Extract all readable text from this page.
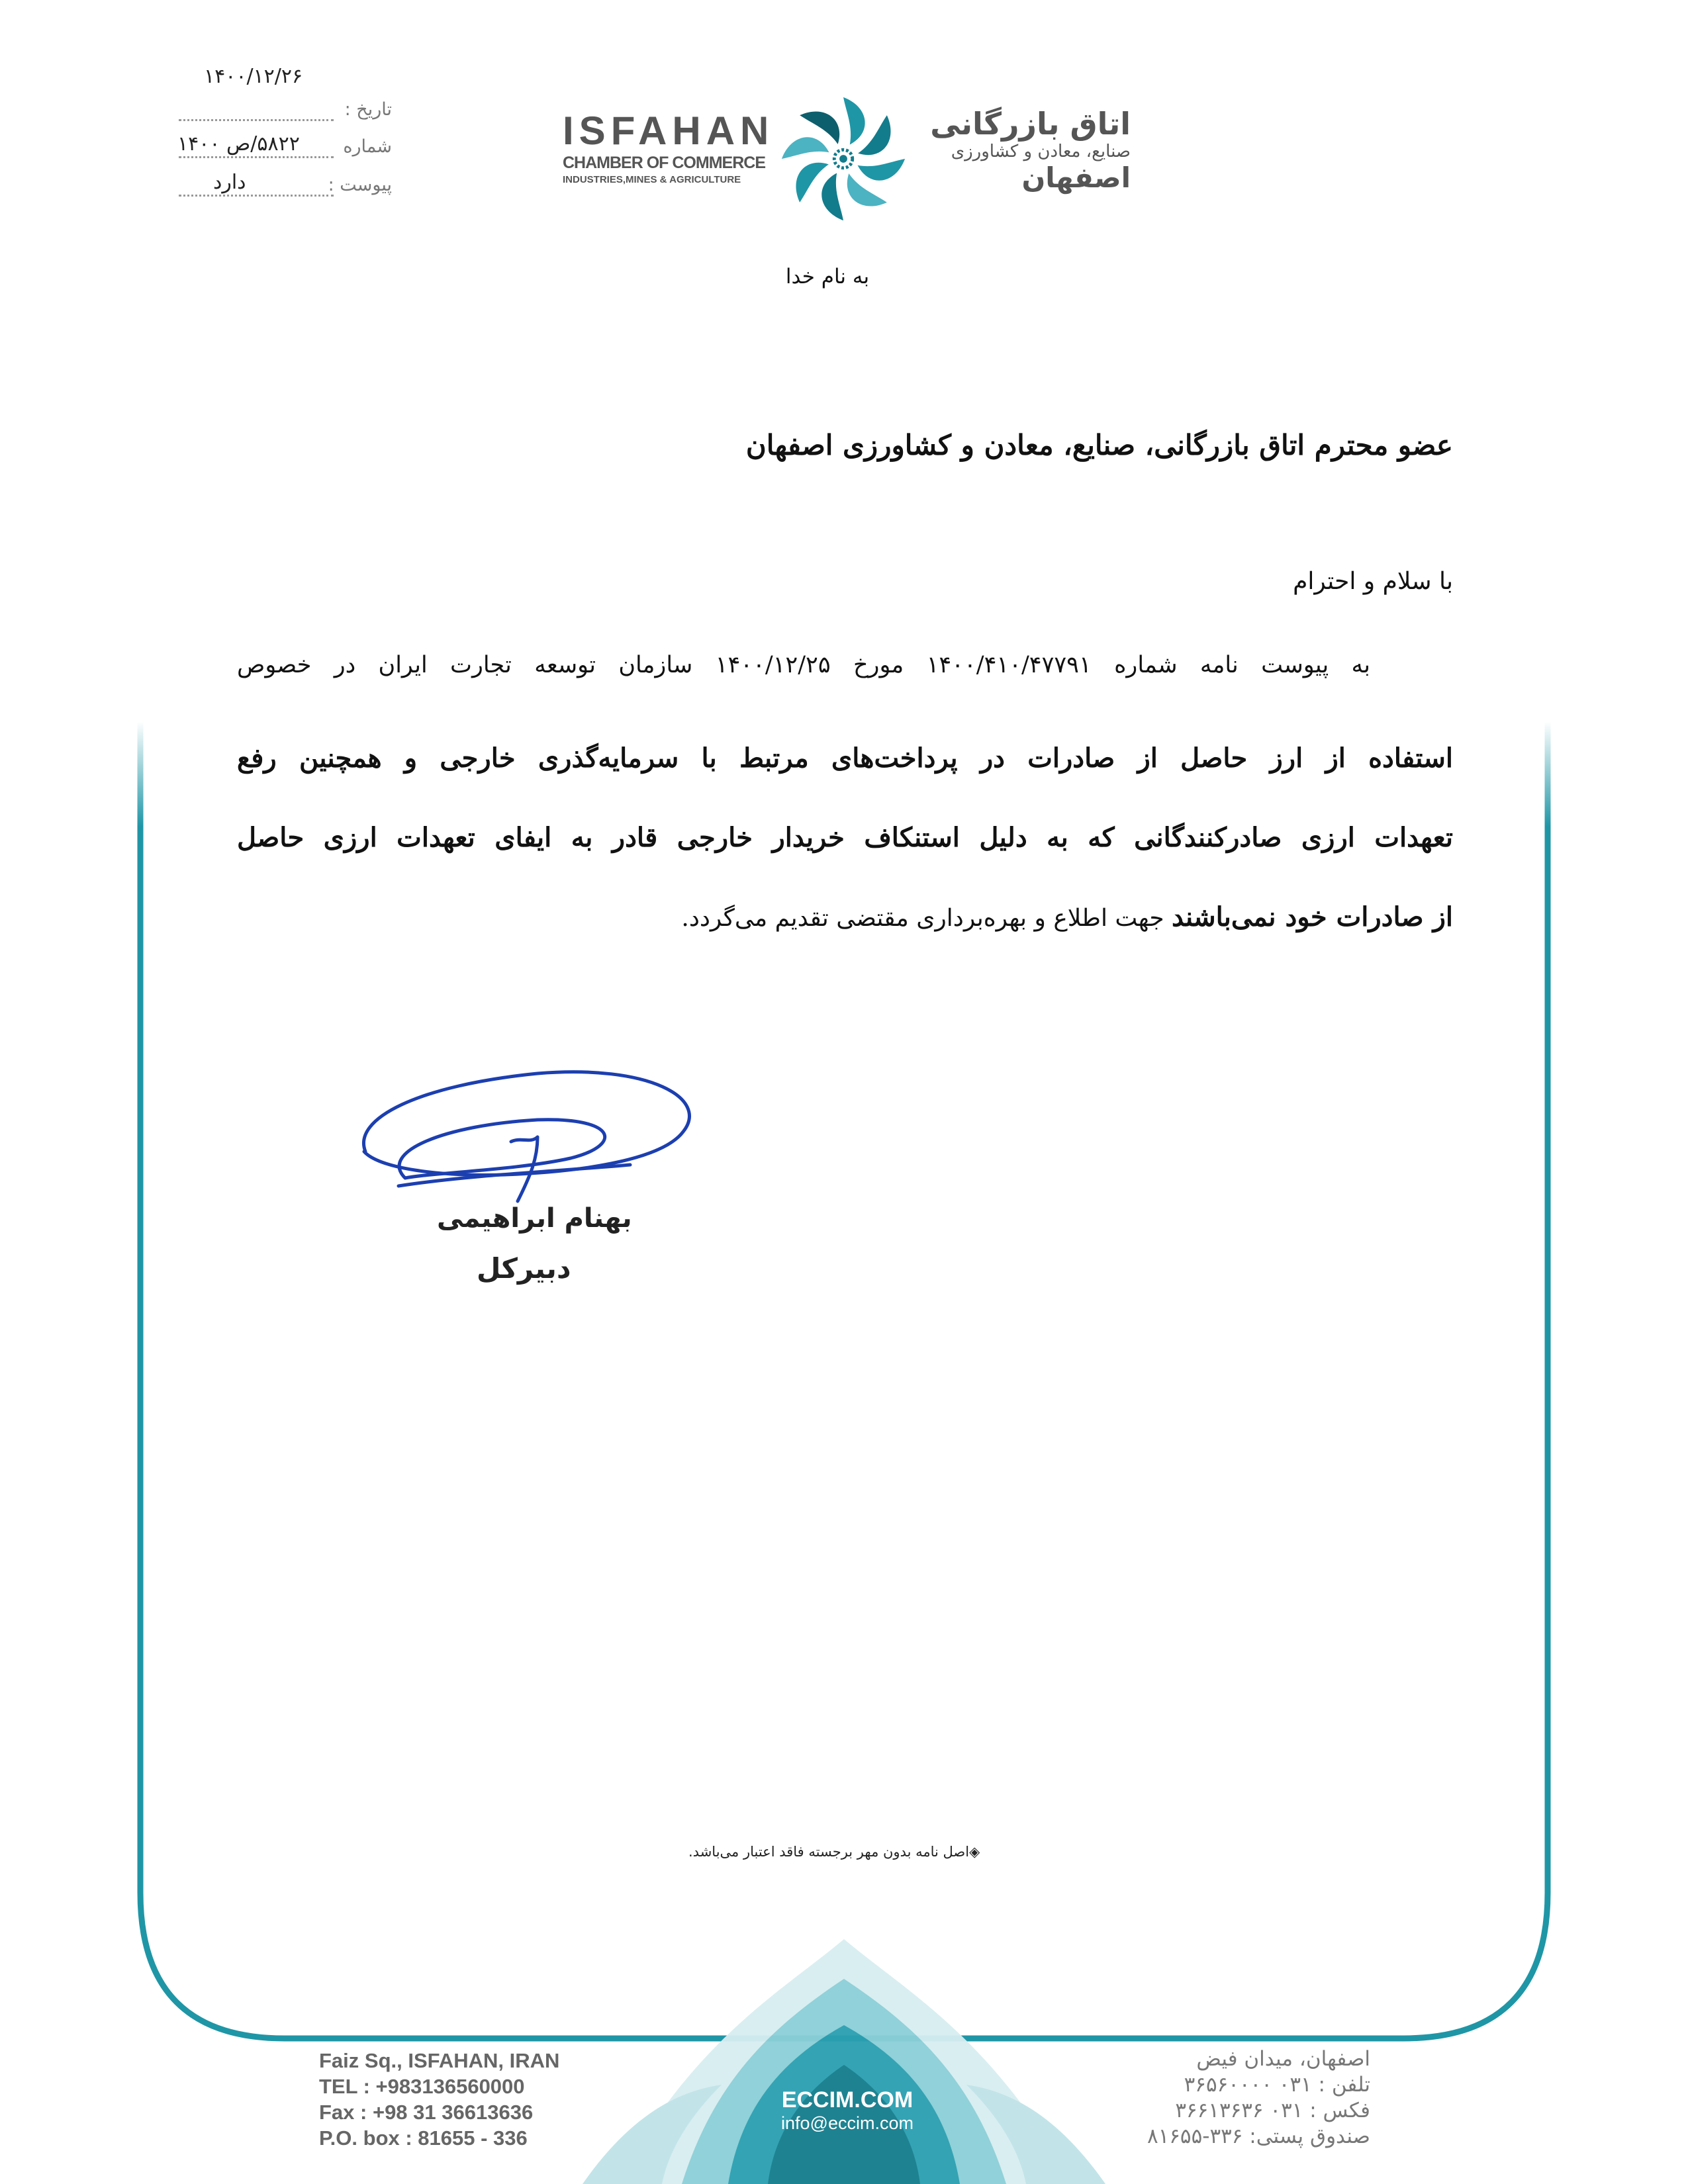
۱۴۰۰/۱۲/۲۶
تاریخ :
شماره
۵۸۲۲/ص ۱۴۰۰
پیوست :
دارد
ISFAHAN
CHAMBER OF COMMERCE
INDUSTRIES,MINES & AGRICULTURE
اتاق بازرگانی
صنایع، معادن و کشاورزی
اصفهان
به نام خدا
عضو محترم اتاق بازرگانی، صنایع، معادن و کشاورزی اصفهان
با سلام و احترام
به پیوست نامه شماره ۱۴۰۰/۴۱۰/۴۷۷۹۱ مورخ ۱۴۰۰/۱۲/۲۵ سازمان توسعه تجارت ایران در خصوص
استفاده از ارز حاصل از صادرات در پرداخت‌های مرتبط با سرمایه‌گذری خارجی و همچنین رفع
تعهدات ارزی صادرکنندگانی که به دلیل استنکاف خریدار خارجی قادر به ایفای تعهدات ارزی حاصل
از صادرات خود نمی‌باشند جهت اطلاع و بهره‌برداری مقتضی تقدیم می‌گردد.
بهنام ابراهیمی
دبیرکل
◈اصل نامه بدون مهر برجسته فاقد اعتبار می‌باشد.
Faiz Sq., ISFAHAN, IRAN
TEL : +983136560000
Fax : +98 31 36613636
P.O. box : 81655 - 336
ECCIM.COM
info@eccim.com
اصفهان، میدان فیض
تلفن : ۰۳۱ ۳۶۵۶۰۰۰۰
فکس : ۰۳۱ ۳۶۶۱۳۶۳۶
صندوق پستی: ۳۳۶-۸۱۶۵۵
